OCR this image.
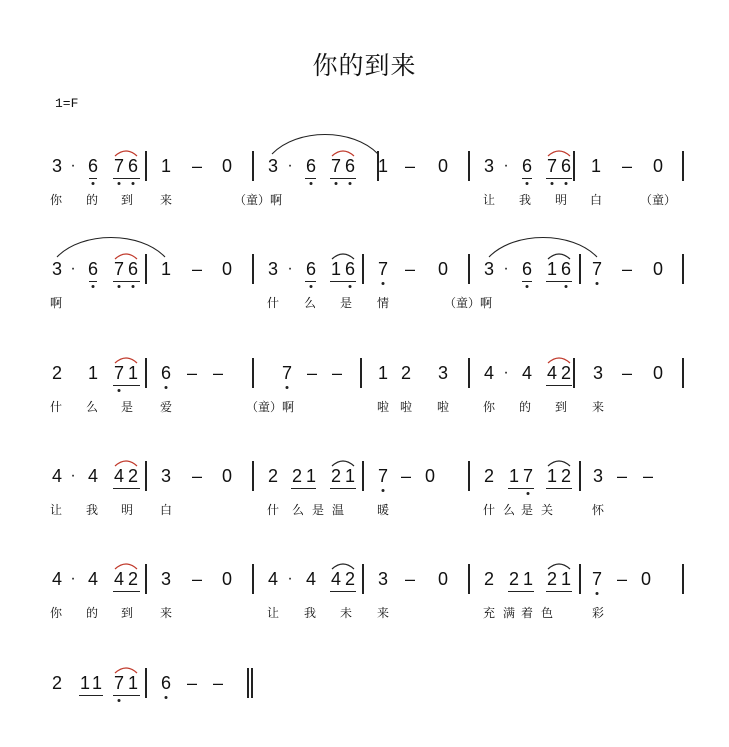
你的到来
1=F
3 · 6 7 6 1 – 0 3 · 6 7 6 1 – 0 3 · 6 7 6 1 – 0
你 的 到 来	（童）啊	让 我 明 白	（童）
3 · 6 7 6 1 – 0 3 · 6 1 6 7 – 0 3 · 6 1 6 7 – 0
啊	什 么 是 情	（童）啊
2 1 7 1 6 – –	7 – – 1 2 3 4 · 4 4 2 3 – 0
什 么 是 爱	（童）啊	啦 啦 啦	你 的 到 来
4 · 4 4 2 3 – 0 2 2 1 2 1 7 – 0	2 1 7 1 2 3 – –
让 我 明 白	什 么 是 温	暖	什 么 是 关	怀
4 · 4 4 2 3 – 0 4 · 4 4 2 3 – 0 2 2 1 2 1 7 – 0
你 的 到 来	让 我 未 来	充 满 着 色	彩
2 1 1 7 1 6 – –
